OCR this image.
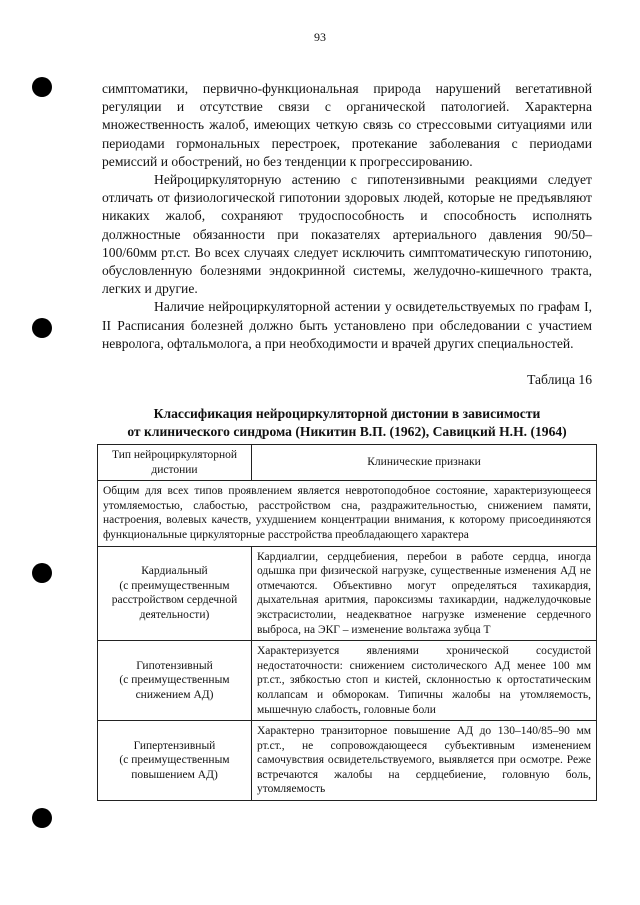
93

симптоматики, первично-функциональная природа нарушений вегетативной регуляции и отсутствие связи с органической патологией. Характерна множественность жалоб, имеющих четкую связь со стрессовыми ситуациями или периодами гормональных перестроек, протекание заболевания с периодами ремиссий и обострений, но без тенденции к прогрессированию.

Нейроциркуляторную астению с гипотензивными реакциями следует отличать от физиологической гипотонии здоровых людей, которые не предъявляют никаких жалоб, сохраняют трудоспособность и способность исполнять должностные обязанности при показателях артериального давления 90/50–100/60мм рт.ст. Во всех случаях следует исключить симптоматическую гипотонию, обусловленную болезнями эндокринной системы, желудочно-кишечного тракта, легких и другие.

Наличие нейроциркуляторной астении у освидетельствуемых по графам I, II Расписания болезней должно быть установлено при обследовании с участием невролога, офтальмолога, а при необходимости и врачей других специальностей.

Таблица 16
Классификация нейроциркуляторной дистонии в зависимости
от клинического синдрома (Никитин В.П. (1962), Савицкий Н.Н. (1964)
Тип нейроциркуляторной дистонии	Клинические признаки
Общим для всех типов проявлением является невротоподобное состояние, характеризующееся утомляемостью, слабостью, расстройством сна, раздражительностью, снижением памяти, настроения, волевых качеств, ухудшением концентрации внимания, к которому присоединяются функциональные циркуляторные расстройства преобладающего характера	

Кардиальный
(с преимущественным расстройством сердечной деятельности)	Кардиалгии, сердцебиения, перебои в работе сердца, иногда одышка при физической нагрузке, существенные изменения АД не отмечаются. Объективно могут определяться тахикардия, дыхательная аритмия, пароксизмы тахикардии, наджелудочковые экстрасистолии, неадекватное нагрузке изменение сердечного выброса, на ЭКГ – изменение вольтажа зубца Т

Гипотензивный
(с преимущественным снижением АД)	Характеризуется явлениями хронической сосудистой недостаточности: снижением систолического АД менее 100 мм рт.ст., зябкостью стоп и кистей, склонностью к ортостатическим коллапсам и обморокам. Типичны жалобы на утомляемость, мышечную слабость, головные боли

Гипертензивный
(с преимущественным повышением АД)	Характерно транзиторное повышение АД до 130–140/85–90 мм рт.ст., не сопровождающееся субъективным изменением самочувствия освидетельствуемого, выявляется при осмотре. Реже встречаются жалобы на сердцебиение, головную боль, утомляемость
